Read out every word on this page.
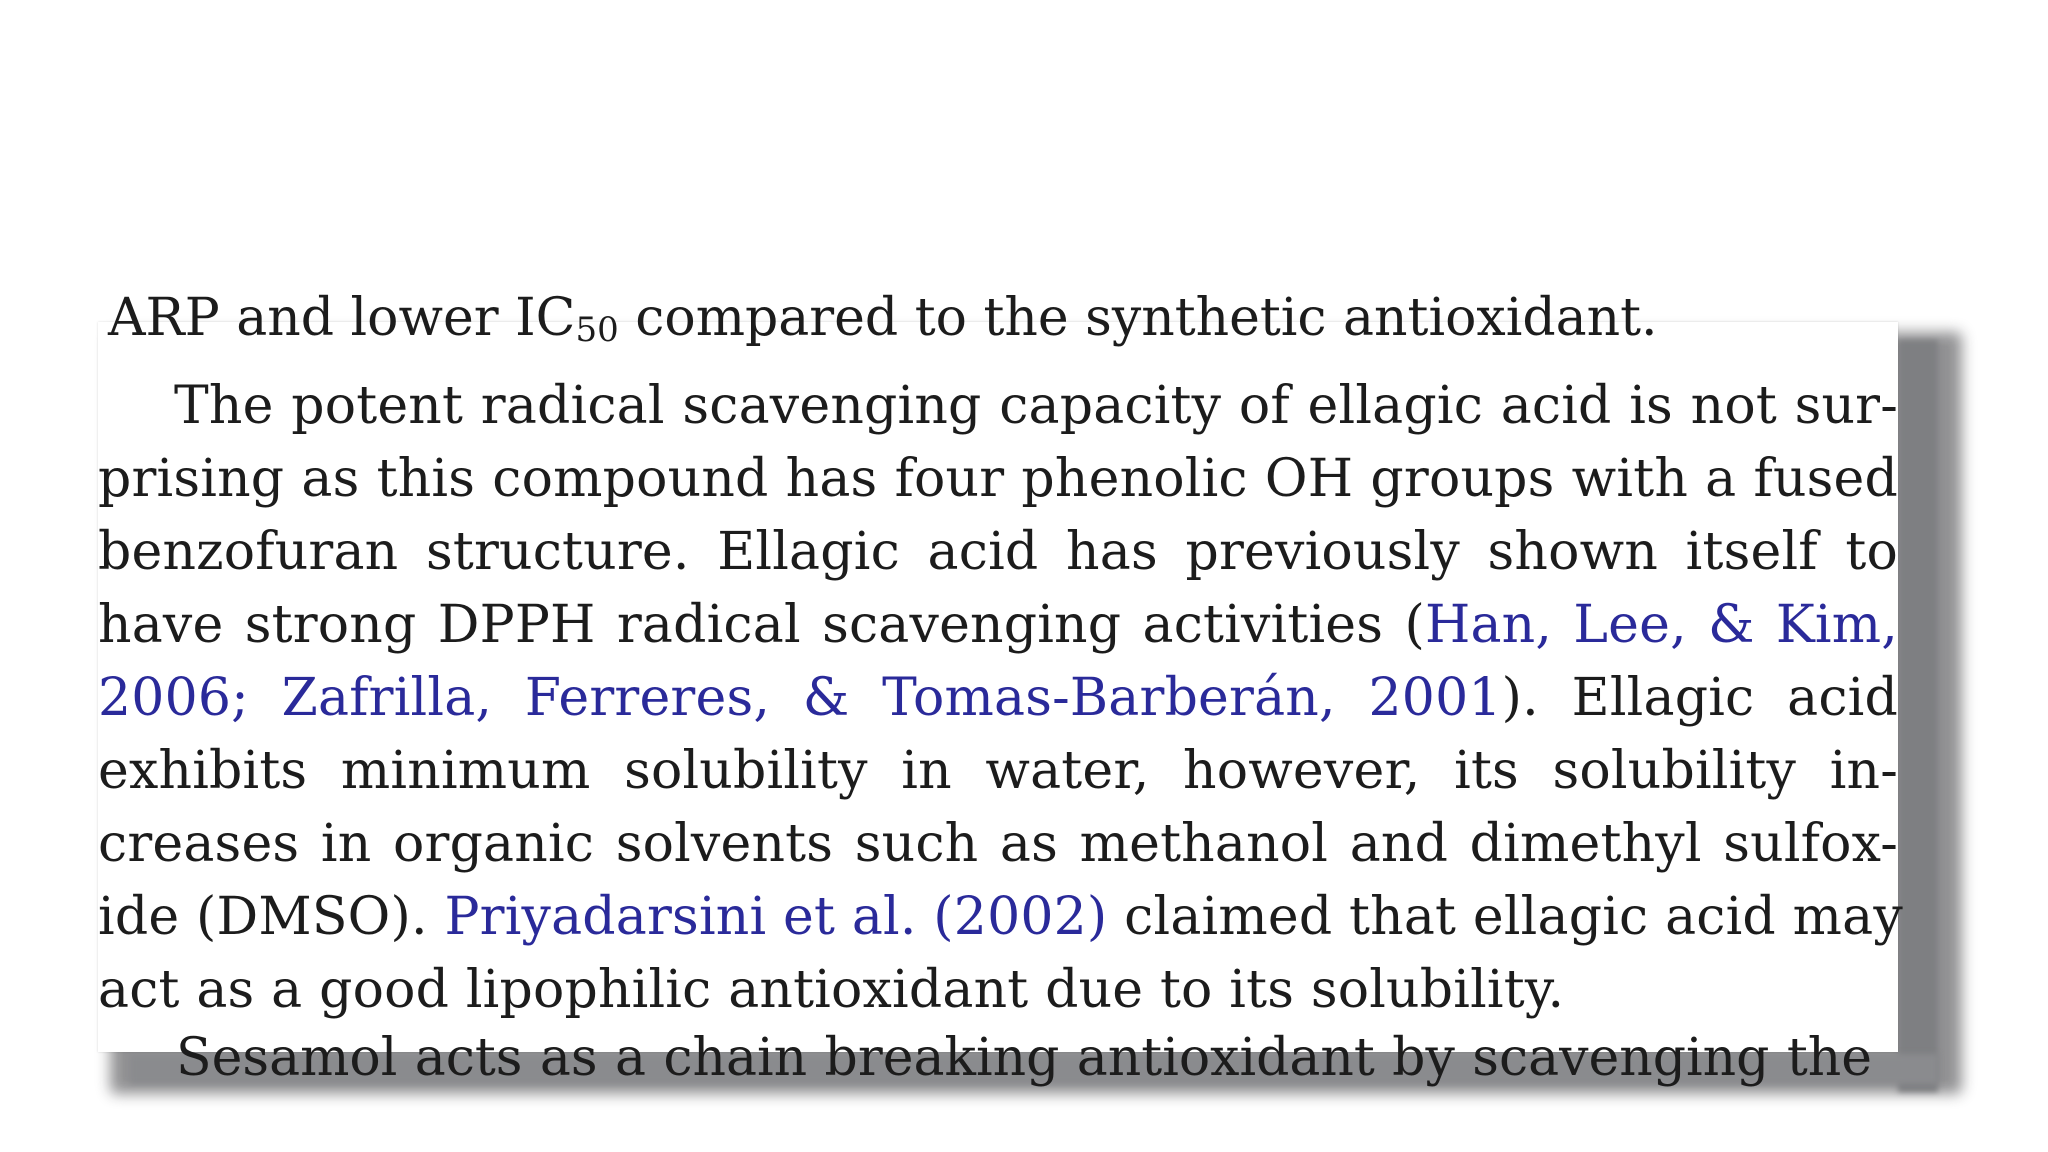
ARP and lower $IC_{50}$ compared to the synthetic antioxidant.
The potent radical scavenging capacity of ellagic acid is not sur-
prising as this compound has four phenolic OH groups with a fused
benzofuran structure. Ellagic acid has previously shown itself to
have strong DPPH radical scavenging activities (Han, Lee, & Kim,
2006; Zafrilla, Ferreres, & Tomas-Barberán, 2001). Ellagic acid
exhibits minimum solubility in water, however, its solubility in-
creases in organic solvents such as methanol and dimethyl sulfox-
ide (DMSO). Priyadarsini et al. (2002) claimed that ellagic acid may
act as a good lipophilic antioxidant due to its solubility.
Sesamol acts as a chain breaking antioxidant by scavenging the
